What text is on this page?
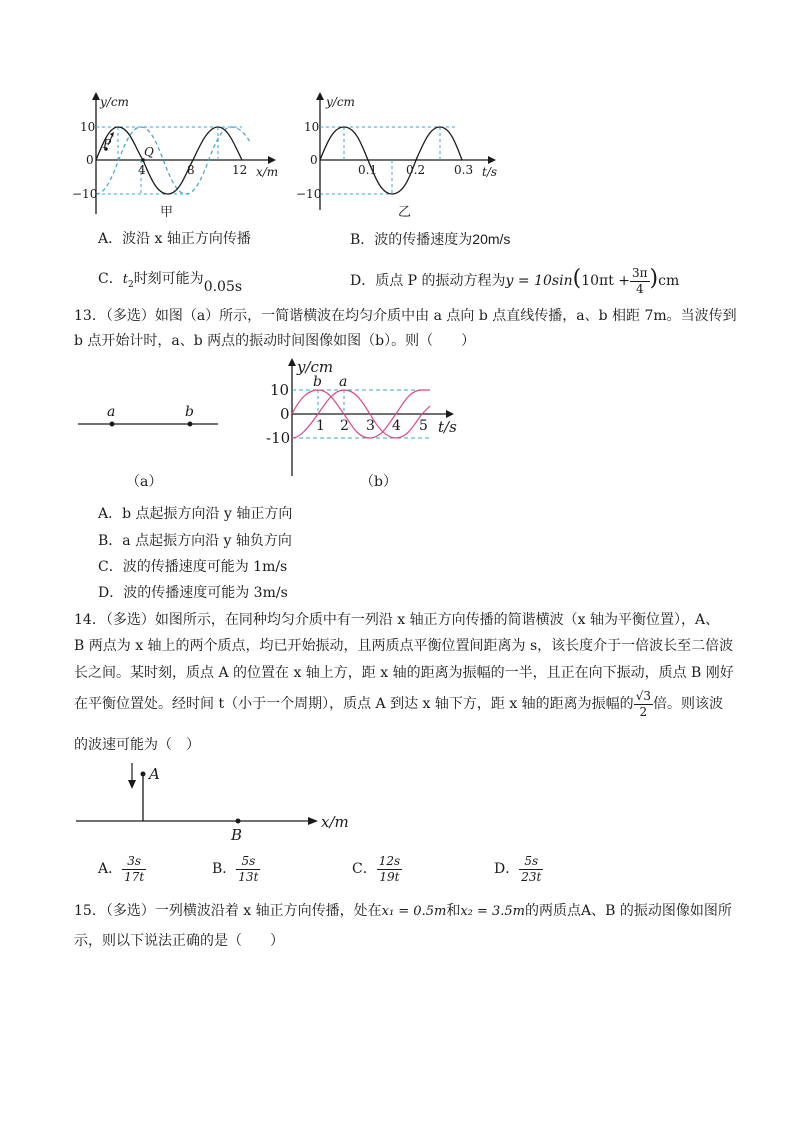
y/cm
10
−10
0
4	8	12 x/m
P
Q
甲
y/cm
10
−10
0
0.1 0.2 0.3 t/s
乙
A．波沿 x 轴正方向传播	B．波的传播速度为20m/s
C．$t_2$时刻可能为0.05s	D．质点 P 的振动方程为$y = 10\sin(10\pi t + \frac{3\pi}{4} )cm$
13．（多选）如图（a）所示，一简谐横波在均匀介质中由 a 点向 b 点直线传播，a、b 相距 7m。当波传到
b 点开始计时，a、b 两点的振动时间图像如图（b）。则（　　）
a	b
（a）
y/cm
10
-10
0
b a
1 2 3 4 5 t/s
（b）
A．b 点起振方向沿 y 轴正方向
B．a 点起振方向沿 y 轴负方向
C．波的传播速度可能为 1m/s
D．波的传播速度可能为 3m/s
14．（多选）如图所示，在同种均匀介质中有一列沿 x 轴正方向传播的简谐横波（x 轴为平衡位置），A、
B 两点为 x 轴上的两个质点，均已开始振动，且两质点平衡位置间距离为 s，该长度介于一倍波长至二倍波
长之间。某时刻，质点 A 的位置在 x 轴上方，距 x 轴的距离为振幅的一半，且正在向下振动，质点 B 刚好
在平衡位置处。经时间 t（小于一个周期），质点 A 到达 x 轴下方，距 x 轴的距离为振幅的 $\frac{√3}{2}$ 倍。则该波
的波速可能为（　）
A
B
x/m
A． $\frac{3s}{17t}$	B． $\frac{5s}{13t}$	C． $\frac{12s}{19t}$	D． $\frac{5s}{23t}$
15．（多选）一列横波沿着 x 轴正方向传播，处在x₁ = 0.5m和x₂ = 3.5m的两质点A、B 的振动图像如图所
示，则以下说法正确的是（　　）
